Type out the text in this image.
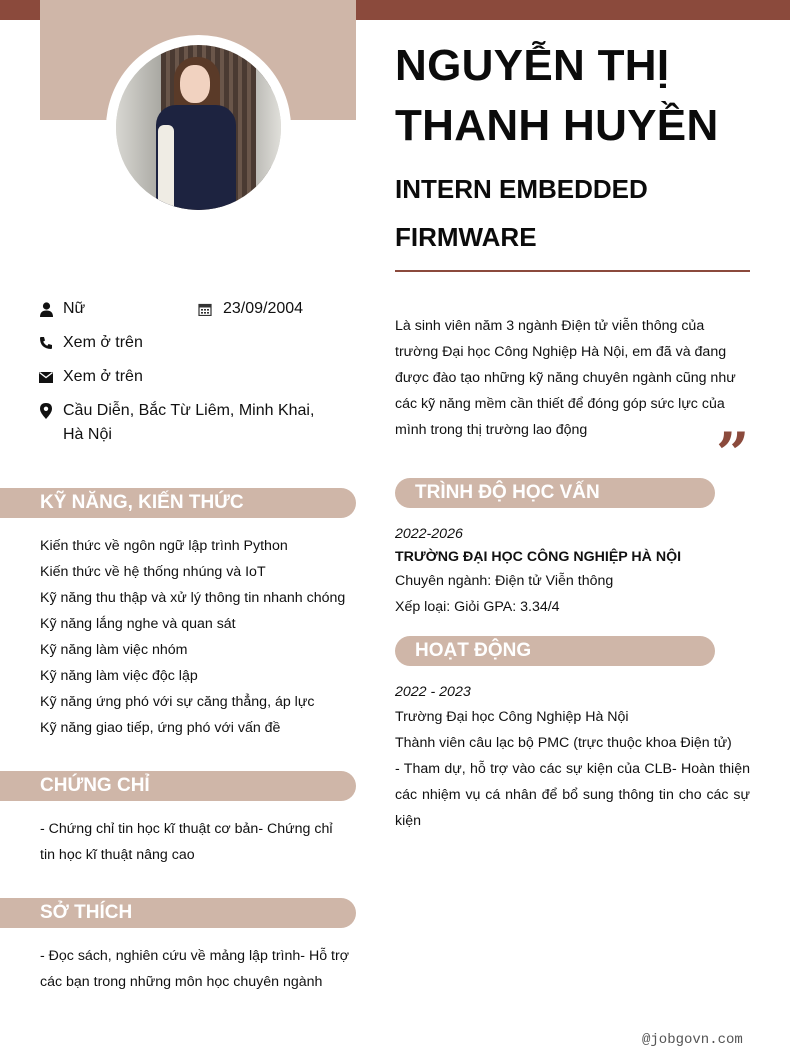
NGUYỄN THỊ THANH HUYỀN
INTERN EMBEDDED FIRMWARE
Nữ	23/09/2004
Xem ở trên
Xem ở trên
Cầu Diễn, Bắc Từ Liêm, Minh Khai, Hà Nội
Là sinh viên năm 3 ngành Điện tử viễn thông của trường Đại học Công Nghiệp Hà Nội, em đã và đang được đào tạo những kỹ năng chuyên ngành cũng như các kỹ năng mềm cần thiết để đóng góp sức lực của mình trong thị trường lao động	”
KỸ NĂNG, KIẾN THỨC
Kiến thức về ngôn ngữ lập trình Python
Kiến thức về hệ thống nhúng và IoT
Kỹ năng thu thập và xử lý thông tin nhanh chóng
Kỹ năng lắng nghe và quan sát
Kỹ năng làm việc nhóm
Kỹ năng làm việc độc lập
Kỹ năng ứng phó với sự căng thẳng, áp lực
Kỹ năng giao tiếp, ứng phó với vấn đề
CHỨNG CHỈ
- Chứng chỉ tin học kĩ thuật cơ bản- Chứng chỉ tin học kĩ thuật nâng cao
SỞ THÍCH
- Đọc sách, nghiên cứu về mảng lập trình- Hỗ trợ các bạn trong những môn học chuyên ngành
TRÌNH ĐỘ HỌC VẤN
2022-2026
TRƯỜNG ĐẠI HỌC CÔNG NGHIỆP HÀ NỘI
Chuyên ngành: Điện tử Viễn thông
Xếp loại: Giỏi GPA: 3.34/4
HOẠT ĐỘNG
2022 - 2023
Trường Đại học Công Nghiệp Hà Nội
Thành viên câu lạc bộ PMC (trực thuộc khoa Điện tử)
- Tham dự, hỗ trợ vào các sự kiện của CLB- Hoàn thiện các nhiệm vụ cá nhân để bổ sung thông tin cho các sự kiện
@jobgovn.com
